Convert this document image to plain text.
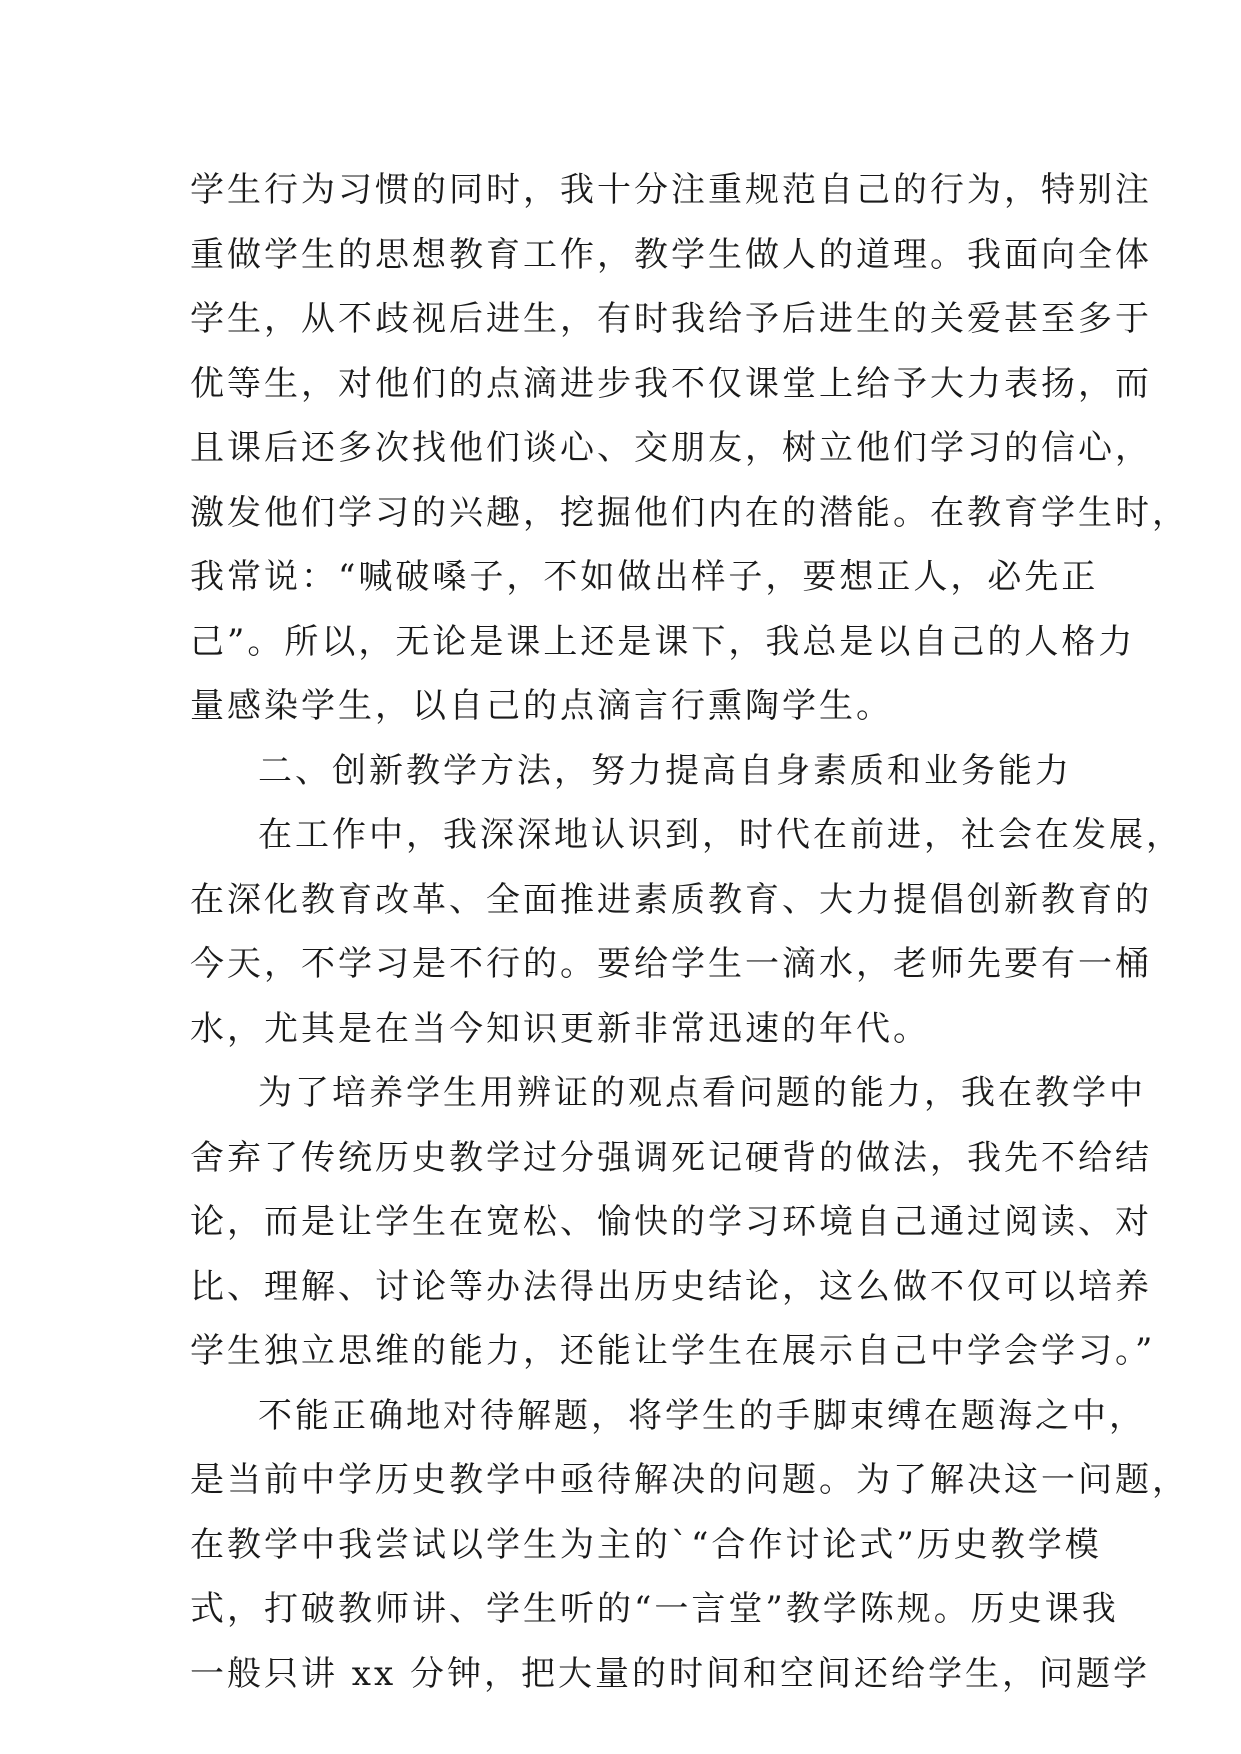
学生行为习惯的同时，我十分注重规范自己的行为，特别注
重做学生的思想教育工作，教学生做人的道理。我面向全体
学生，从不歧视后进生，有时我给予后进生的关爱甚至多于
优等生，对他们的点滴进步我不仅课堂上给予大力表扬，而
且课后还多次找他们谈心、交朋友，树立他们学习的信心，
激发他们学习的兴趣，挖掘他们内在的潜能。在教育学生时，
我常说：“喊破嗓子，不如做出样子，要想正人，必先正
己”。所以，无论是课上还是课下，我总是以自己的人格力
量感染学生，以自己的点滴言行熏陶学生。
二、创新教学方法，努力提高自身素质和业务能力
在工作中，我深深地认识到，时代在前进，社会在发展，
在深化教育改革、全面推进素质教育、大力提倡创新教育的
今天，不学习是不行的。要给学生一滴水，老师先要有一桶
水，尤其是在当今知识更新非常迅速的年代。
为了培养学生用辨证的观点看问题的能力，我在教学中
舍弃了传统历史教学过分强调死记硬背的做法，我先不给结
论，而是让学生在宽松、愉快的学习环境自己通过阅读、对
比、理解、讨论等办法得出历史结论，这么做不仅可以培养
学生独立思维的能力，还能让学生在展示自己中学会学习。”
不能正确地对待解题，将学生的手脚束缚在题海之中，
是当前中学历史教学中亟待解决的问题。为了解决这一问题，
在教学中我尝试以学生为主的`“合作讨论式”历史教学模
式，打破教师讲、学生听的“一言堂”教学陈规。历史课我
一般只讲 xx 分钟，把大量的时间和空间还给学生，问题学
